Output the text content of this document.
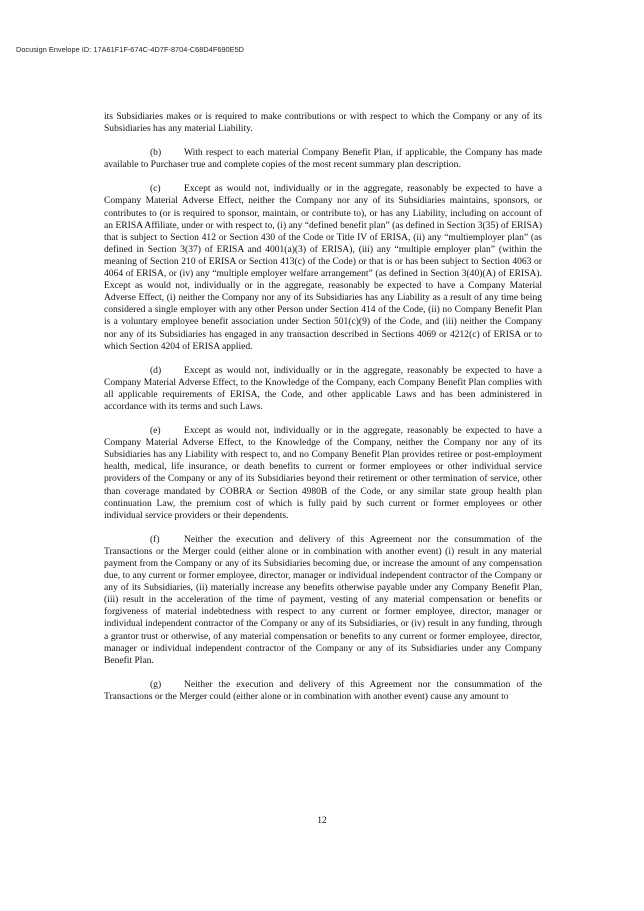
Docusign Envelope ID: 17A61F1F-674C-4D7F-8704-C68D4F690E5D

its Subsidiaries makes or is required to make contributions or with respect to which the Company or any of its Subsidiaries has any material Liability.

(b) With respect to each material Company Benefit Plan, if applicable, the Company has made available to Purchaser true and complete copies of the most recent summary plan description.

(c) Except as would not, individually or in the aggregate, reasonably be expected to have a Company Material Adverse Effect, neither the Company nor any of its Subsidiaries maintains, sponsors, or contributes to (or is required to sponsor, maintain, or contribute to), or has any Liability, including on account of an ERISA Affiliate, under or with respect to, (i) any “defined benefit plan” (as defined in Section 3(35) of ERISA) that is subject to Section 412 or Section 430 of the Code or Title IV of ERISA, (ii) any “multiemployer plan” (as defined in Section 3(37) of ERISA and 4001(a)(3) of ERISA), (iii) any “multiple employer plan” (within the meaning of Section 210 of ERISA or Section 413(c) of the Code) or that is or has been subject to Section 4063 or 4064 of ERISA, or (iv) any “multiple employer welfare arrangement” (as defined in Section 3(40)(A) of ERISA). Except as would not, individually or in the aggregate, reasonably be expected to have a Company Material Adverse Effect, (i) neither the Company nor any of its Subsidiaries has any Liability as a result of any time being considered a single employer with any other Person under Section 414 of the Code, (ii) no Company Benefit Plan is a voluntary employee benefit association under Section 501(c)(9) of the Code, and (iii) neither the Company nor any of its Subsidiaries has engaged in any transaction described in Sections 4069 or 4212(c) of ERISA or to which Section 4204 of ERISA applied.

(d) Except as would not, individually or in the aggregate, reasonably be expected to have a Company Material Adverse Effect, to the Knowledge of the Company, each Company Benefit Plan complies with all applicable requirements of ERISA, the Code, and other applicable Laws and has been administered in accordance with its terms and such Laws.

(e) Except as would not, individually or in the aggregate, reasonably be expected to have a Company Material Adverse Effect, to the Knowledge of the Company, neither the Company nor any of its Subsidiaries has any Liability with respect to, and no Company Benefit Plan provides retiree or post-employment health, medical, life insurance, or death benefits to current or former employees or other individual service providers of the Company or any of its Subsidiaries beyond their retirement or other termination of service, other than coverage mandated by COBRA or Section 4980B of the Code, or any similar state group health plan continuation Law, the premium cost of which is fully paid by such current or former employees or other individual service providers or their dependents.

(f)	Neither the execution and delivery of this Agreement nor the consummation of the Transactions or the Merger could (either alone or in combination with another event) (i) result in any material payment from the Company or any of its Subsidiaries becoming due, or increase the amount of any compensation due, to any current or former employee, director, manager or individual independent contractor of the Company or any of its Subsidiaries, (ii) materially increase any benefits otherwise payable under any Company Benefit Plan, (iii) result in the acceleration of the time of payment, vesting of any material compensation or benefits or forgiveness of material indebtedness with respect to any current or former employee, director, manager or individual independent contractor of the Company or any of its Subsidiaries, or (iv) result in any funding, through a grantor trust or otherwise, of any material compensation or benefits to any current or former employee, director, manager or individual independent contractor of the Company or any of its Subsidiaries under any Company Benefit Plan.

(g) Neither the execution and delivery of this Agreement nor the consummation of the Transactions or the Merger could (either alone or in combination with another event) cause any amount to

12
